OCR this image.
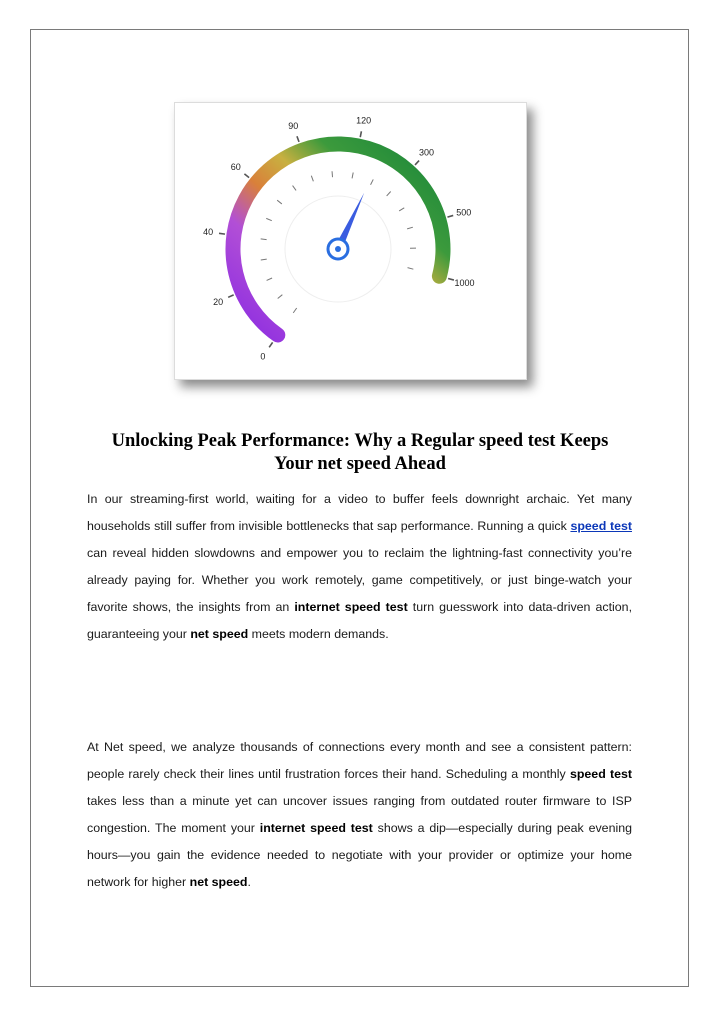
0
20
40
60
90
120
300
500
1000
Unlocking Peak Performance: Why a Regular speed test Keeps
Your net speed Ahead

In our streaming-first world, waiting for a video to buffer feels downright archaic. Yet many households still suffer from invisible bottlenecks that sap performance. Running a quick speed test can reveal hidden slowdowns and empower you to reclaim the lightning-fast connectivity you’re already paying for. Whether you work remotely, game competitively, or just binge-watch your favorite shows, the insights from an internet speed test turn guesswork into data-driven action, guaranteeing your net speed meets modern demands.

At Net speed, we analyze thousands of connections every month and see a consistent pattern: people rarely check their lines until frustration forces their hand. Scheduling a monthly speed test takes less than a minute yet can uncover issues ranging from outdated router firmware to ISP congestion. The moment your internet speed test shows a dip—especially during peak evening hours—you gain the evidence needed to negotiate with your provider or optimize your home network for higher net speed.
